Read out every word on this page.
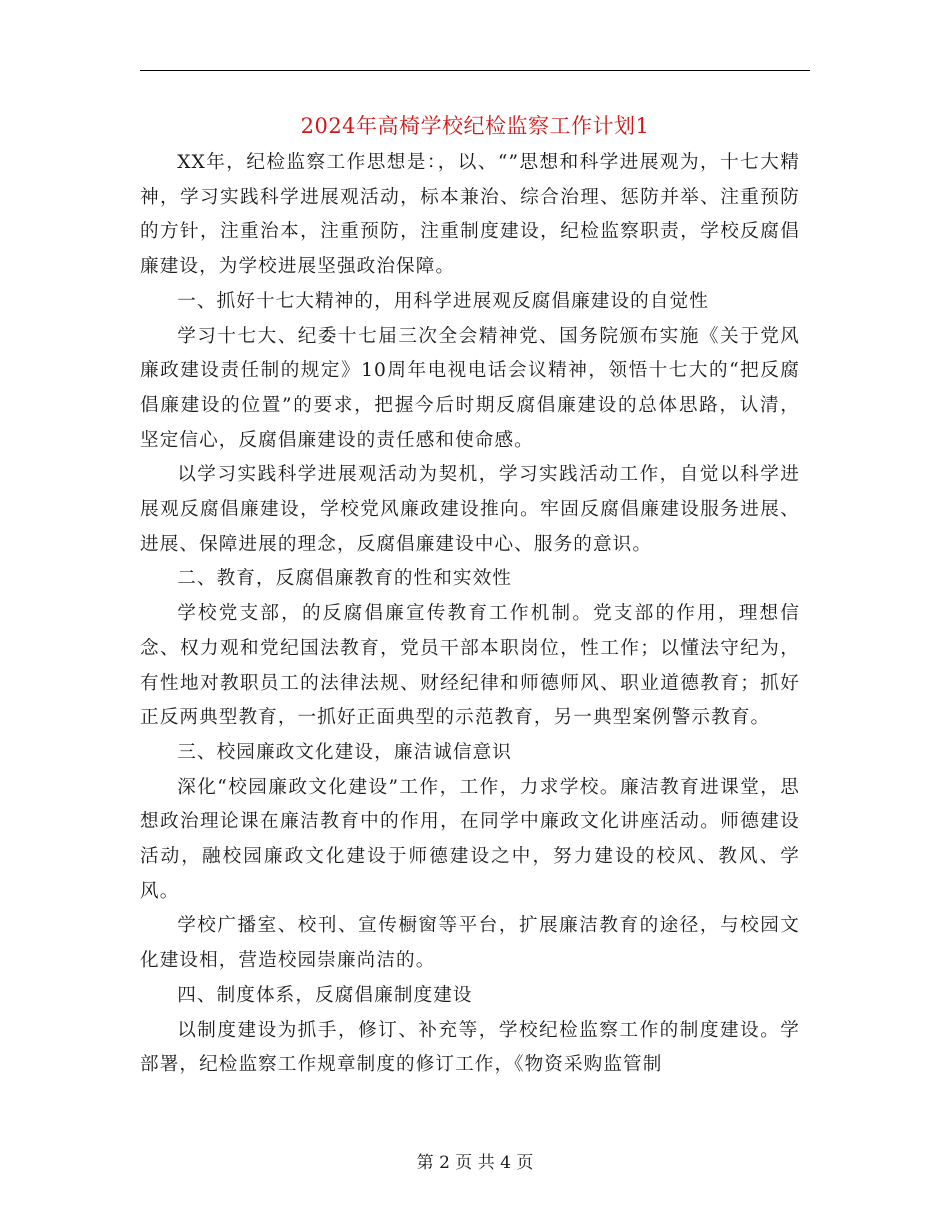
2024年高椅学校纪检监察工作计划1

XX年，纪检监察工作思想是：，以、“”思想和科学进展观为，十七大精神，学习实践科学进展观活动，标本兼治、综合治理、惩防并举、注重预防的方针，注重治本，注重预防，注重制度建设，纪检监察职责，学校反腐倡廉建设，为学校进展坚强政治保障。

一、抓好十七大精神的，用科学进展观反腐倡廉建设的自觉性

学习十七大、纪委十七届三次全会精神党、国务院颁布实施《关于党风廉政建设责任制的规定》10周年电视电话会议精神，领悟十七大的“把反腐倡廉建设的位置”的要求，把握今后时期反腐倡廉建设的总体思路，认清，坚定信心，反腐倡廉建设的责任感和使命感。

以学习实践科学进展观活动为契机，学习实践活动工作，自觉以科学进展观反腐倡廉建设，学校党风廉政建设推向。牢固反腐倡廉建设服务进展、进展、保障进展的理念，反腐倡廉建设中心、服务的意识。

二、教育，反腐倡廉教育的性和实效性

学校党支部，的反腐倡廉宣传教育工作机制。党支部的作用，理想信念、权力观和党纪国法教育，党员干部本职岗位，性工作；以懂法守纪为，有性地对教职员工的法律法规、财经纪律和师德师风、职业道德教育；抓好正反两典型教育，一抓好正面典型的示范教育，另一典型案例警示教育。

三、校园廉政文化建设，廉洁诚信意识

深化“校园廉政文化建设”工作，工作，力求学校。廉洁教育进课堂，思想政治理论课在廉洁教育中的作用，在同学中廉政文化讲座活动。师德建设活动，融校园廉政文化建设于师德建设之中，努力建设的校风、教风、学风。

学校广播室、校刊、宣传橱窗等平台，扩展廉洁教育的途径，与校园文化建设相，营造校园崇廉尚洁的。

四、制度体系，反腐倡廉制度建设

以制度建设为抓手，修订、补充等，学校纪检监察工作的制度建设。学部署，纪检监察工作规章制度的修订工作，《物资采购监管制

第 2 页 共 4 页
